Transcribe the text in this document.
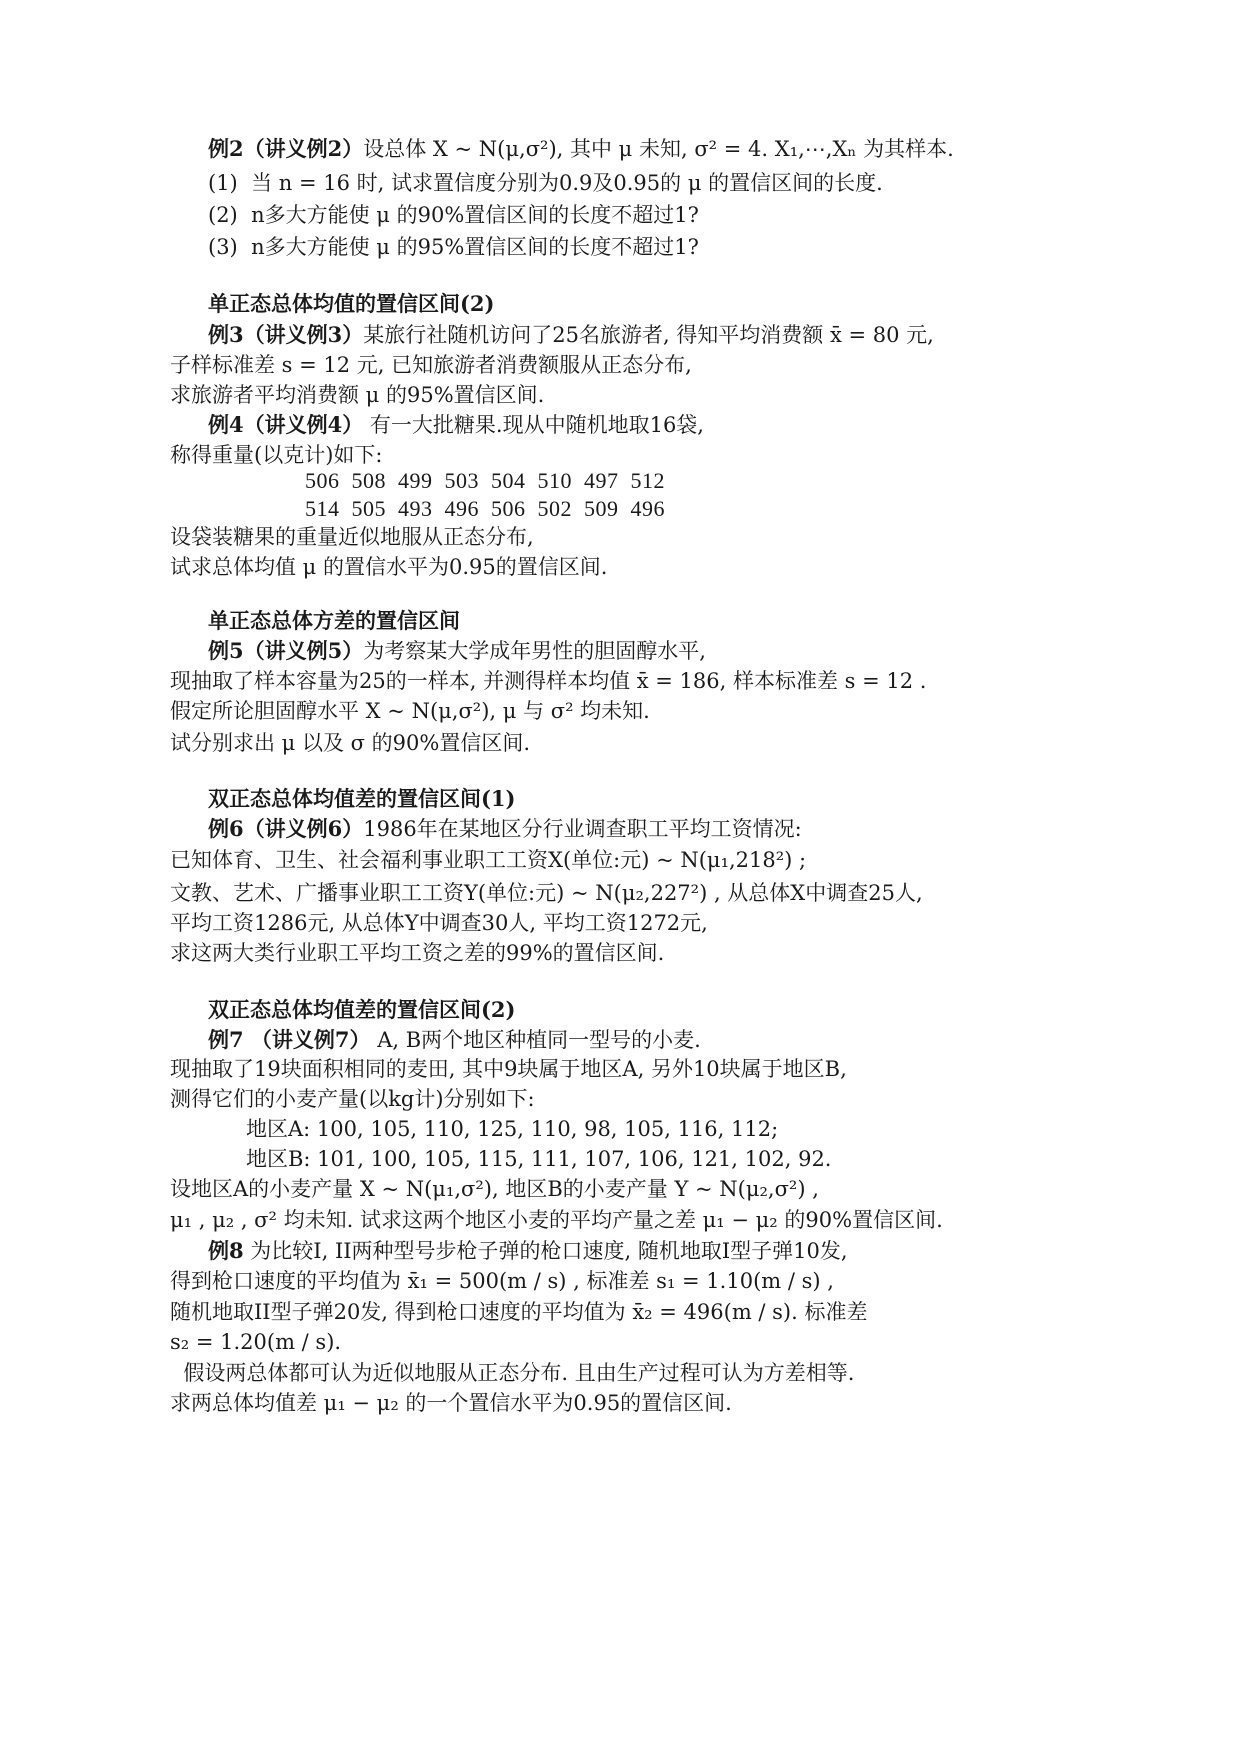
例2（讲义例2）设总体 X ~ N(μ,σ²), 其中 μ 未知, σ² = 4. X₁,⋯,Xₙ 为其样本.
(1)  当 n = 16 时, 试求置信度分别为0.9及0.95的 μ 的置信区间的长度.
(2)  n多大方能使 μ 的90%置信区间的长度不超过1?
(3)  n多大方能使 μ 的95%置信区间的长度不超过1?
单正态总体均值的置信区间(2)
例3（讲义例3）某旅行社随机访问了25名旅游者, 得知平均消费额 x̄ = 80 元,
子样标准差 s = 12 元, 已知旅游者消费额服从正态分布,
求旅游者平均消费额 μ 的95%置信区间.
例4（讲义例4） 有一大批糖果.现从中随机地取16袋,
称得重量(以克计)如下:
506  508  499  503  504  510  497  512
514  505  493  496  506  502  509  496
设袋装糖果的重量近似地服从正态分布,
试求总体均值 μ 的置信水平为0.95的置信区间.
单正态总体方差的置信区间
例5（讲义例5）为考察某大学成年男性的胆固醇水平,
现抽取了样本容量为25的一样本, 并测得样本均值 x̄ = 186, 样本标准差 s = 12 .
假定所论胆固醇水平 X ~ N(μ,σ²), μ 与 σ² 均未知.
试分别求出 μ 以及 σ 的90%置信区间.
双正态总体均值差的置信区间(1)
例6（讲义例6）1986年在某地区分行业调查职工平均工资情况:
已知体育、卫生、社会福利事业职工工资X(单位:元) ~ N(μ₁,218²) ;
文教、艺术、广播事业职工工资Y(单位:元) ~ N(μ₂,227²) , 从总体X中调查25人,
平均工资1286元, 从总体Y中调查30人, 平均工资1272元,
求这两大类行业职工平均工资之差的99%的置信区间.
双正态总体均值差的置信区间(2)
例7 （讲义例7） A, B两个地区种植同一型号的小麦.
现抽取了19块面积相同的麦田, 其中9块属于地区A, 另外10块属于地区B,
测得它们的小麦产量(以kg计)分别如下:
地区A: 100, 105, 110, 125, 110, 98, 105, 116, 112;
地区B: 101, 100, 105, 115, 111, 107, 106, 121, 102, 92.
设地区A的小麦产量 X ~ N(μ₁,σ²), 地区B的小麦产量 Y ~ N(μ₂,σ²) ,
μ₁ , μ₂ , σ² 均未知. 试求这两个地区小麦的平均产量之差 μ₁ − μ₂ 的90%置信区间.
例8 为比较I, II两种型号步枪子弹的枪口速度, 随机地取I型子弹10发,
得到枪口速度的平均值为 x̄₁ = 500(m / s) , 标准差 s₁ = 1.10(m / s) ,
随机地取II型子弹20发, 得到枪口速度的平均值为 x̄₂ = 496(m / s). 标准差
s₂ = 1.20(m / s).
假设两总体都可认为近似地服从正态分布. 且由生产过程可认为方差相等.
求两总体均值差 μ₁ − μ₂ 的一个置信水平为0.95的置信区间.
